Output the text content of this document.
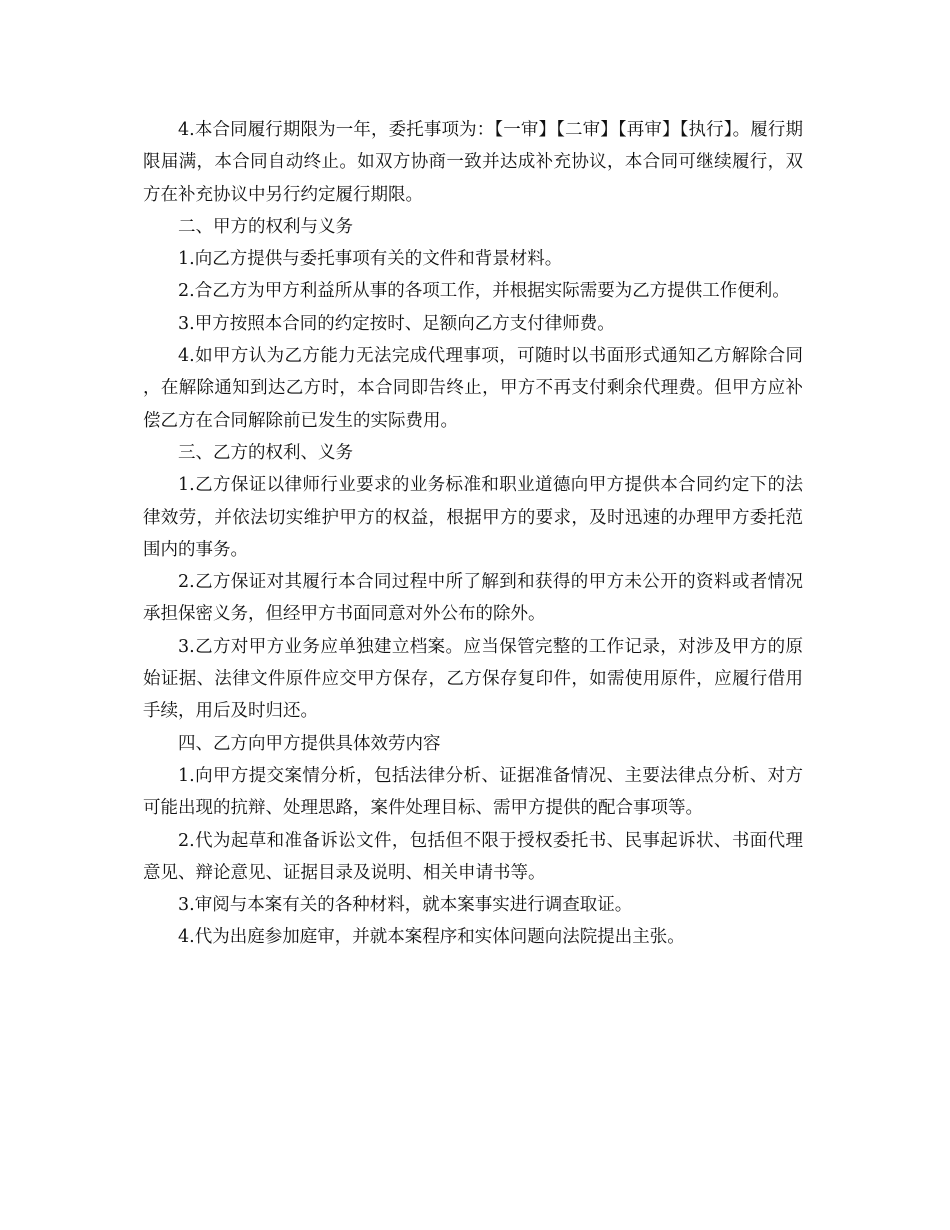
4.本合同履行期限为一年，委托事项为：【一审】【二审】【再审】【执行】。履行期限届满，本合同自动终止。如双方协商一致并达成补充协议，本合同可继续履行，双方在补充协议中另行约定履行期限。

二、甲方的权利与义务

1.向乙方提供与委托事项有关的文件和背景材料。

2.合乙方为甲方利益所从事的各项工作，并根据实际需要为乙方提供工作便利。

3.甲方按照本合同的约定按时、足额向乙方支付律师费。

4.如甲方认为乙方能力无法完成代理事项，可随时以书面形式通知乙方解除合同，在解除通知到达乙方时，本合同即告终止，甲方不再支付剩余代理费。但甲方应补偿乙方在合同解除前已发生的实际费用。

三、乙方的权利、义务

1.乙方保证以律师行业要求的业务标准和职业道德向甲方提供本合同约定下的法律效劳，并依法切实维护甲方的权益，根据甲方的要求，及时迅速的办理甲方委托范围内的事务。

2.乙方保证对其履行本合同过程中所了解到和获得的甲方未公开的资料或者情况承担保密义务，但经甲方书面同意对外公布的除外。

3.乙方对甲方业务应单独建立档案。应当保管完整的工作记录，对涉及甲方的原始证据、法律文件原件应交甲方保存，乙方保存复印件，如需使用原件，应履行借用手续，用后及时归还。

四、乙方向甲方提供具体效劳内容

1.向甲方提交案情分析，包括法律分析、证据准备情况、主要法律点分析、对方可能出现的抗辩、处理思路，案件处理目标、需甲方提供的配合事项等。

2.代为起草和准备诉讼文件，包括但不限于授权委托书、民事起诉状、书面代理意见、辩论意见、证据目录及说明、相关申请书等。

3.审阅与本案有关的各种材料，就本案事实进行调查取证。

4.代为出庭参加庭审，并就本案程序和实体问题向法院提出主张。
